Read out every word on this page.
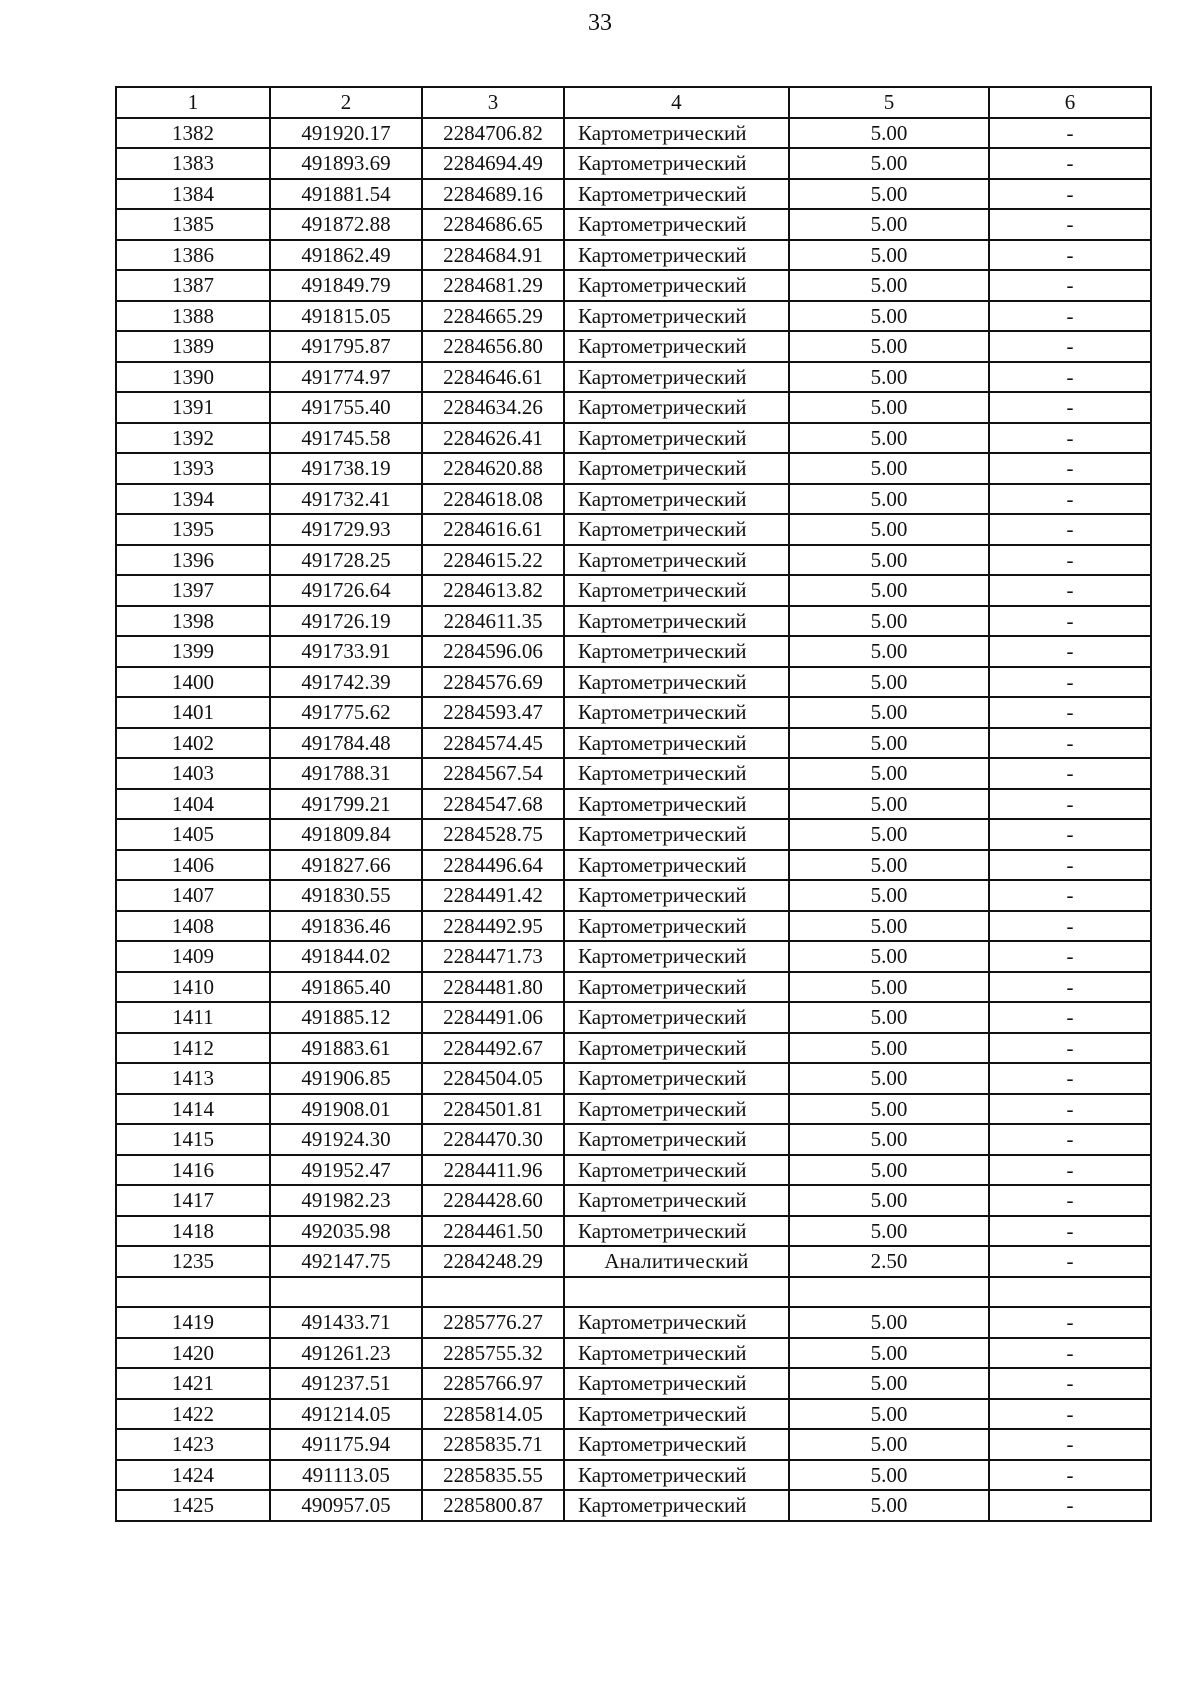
33
1	2	3	4	5	6
1382	491920.17	2284706.82	Картометрический	5.00	-
1383	491893.69	2284694.49	Картометрический	5.00	-
1384	491881.54	2284689.16	Картометрический	5.00	-
1385	491872.88	2284686.65	Картометрический	5.00	-
1386	491862.49	2284684.91	Картометрический	5.00	-
1387	491849.79	2284681.29	Картометрический	5.00	-
1388	491815.05	2284665.29	Картометрический	5.00	-
1389	491795.87	2284656.80	Картометрический	5.00	-
1390	491774.97	2284646.61	Картометрический	5.00	-
1391	491755.40	2284634.26	Картометрический	5.00	-
1392	491745.58	2284626.41	Картометрический	5.00	-
1393	491738.19	2284620.88	Картометрический	5.00	-
1394	491732.41	2284618.08	Картометрический	5.00	-
1395	491729.93	2284616.61	Картометрический	5.00	-
1396	491728.25	2284615.22	Картометрический	5.00	-
1397	491726.64	2284613.82	Картометрический	5.00	-
1398	491726.19	2284611.35	Картометрический	5.00	-
1399	491733.91	2284596.06	Картометрический	5.00	-
1400	491742.39	2284576.69	Картометрический	5.00	-
1401	491775.62	2284593.47	Картометрический	5.00	-
1402	491784.48	2284574.45	Картометрический	5.00	-
1403	491788.31	2284567.54	Картометрический	5.00	-
1404	491799.21	2284547.68	Картометрический	5.00	-
1405	491809.84	2284528.75	Картометрический	5.00	-
1406	491827.66	2284496.64	Картометрический	5.00	-
1407	491830.55	2284491.42	Картометрический	5.00	-
1408	491836.46	2284492.95	Картометрический	5.00	-
1409	491844.02	2284471.73	Картометрический	5.00	-
1410	491865.40	2284481.80	Картометрический	5.00	-
1411	491885.12	2284491.06	Картометрический	5.00	-
1412	491883.61	2284492.67	Картометрический	5.00	-
1413	491906.85	2284504.05	Картометрический	5.00	-
1414	491908.01	2284501.81	Картометрический	5.00	-
1415	491924.30	2284470.30	Картометрический	5.00	-
1416	491952.47	2284411.96	Картометрический	5.00	-
1417	491982.23	2284428.60	Картометрический	5.00	-
1418	492035.98	2284461.50	Картометрический	5.00	-
1235	492147.75	2284248.29	Аналитический	2.50	-

1419	491433.71	2285776.27	Картометрический	5.00	-
1420	491261.23	2285755.32	Картометрический	5.00	-
1421	491237.51	2285766.97	Картометрический	5.00	-
1422	491214.05	2285814.05	Картометрический	5.00	-
1423	491175.94	2285835.71	Картометрический	5.00	-
1424	491113.05	2285835.55	Картометрический	5.00	-
1425	490957.05	2285800.87	Картометрический	5.00	-
